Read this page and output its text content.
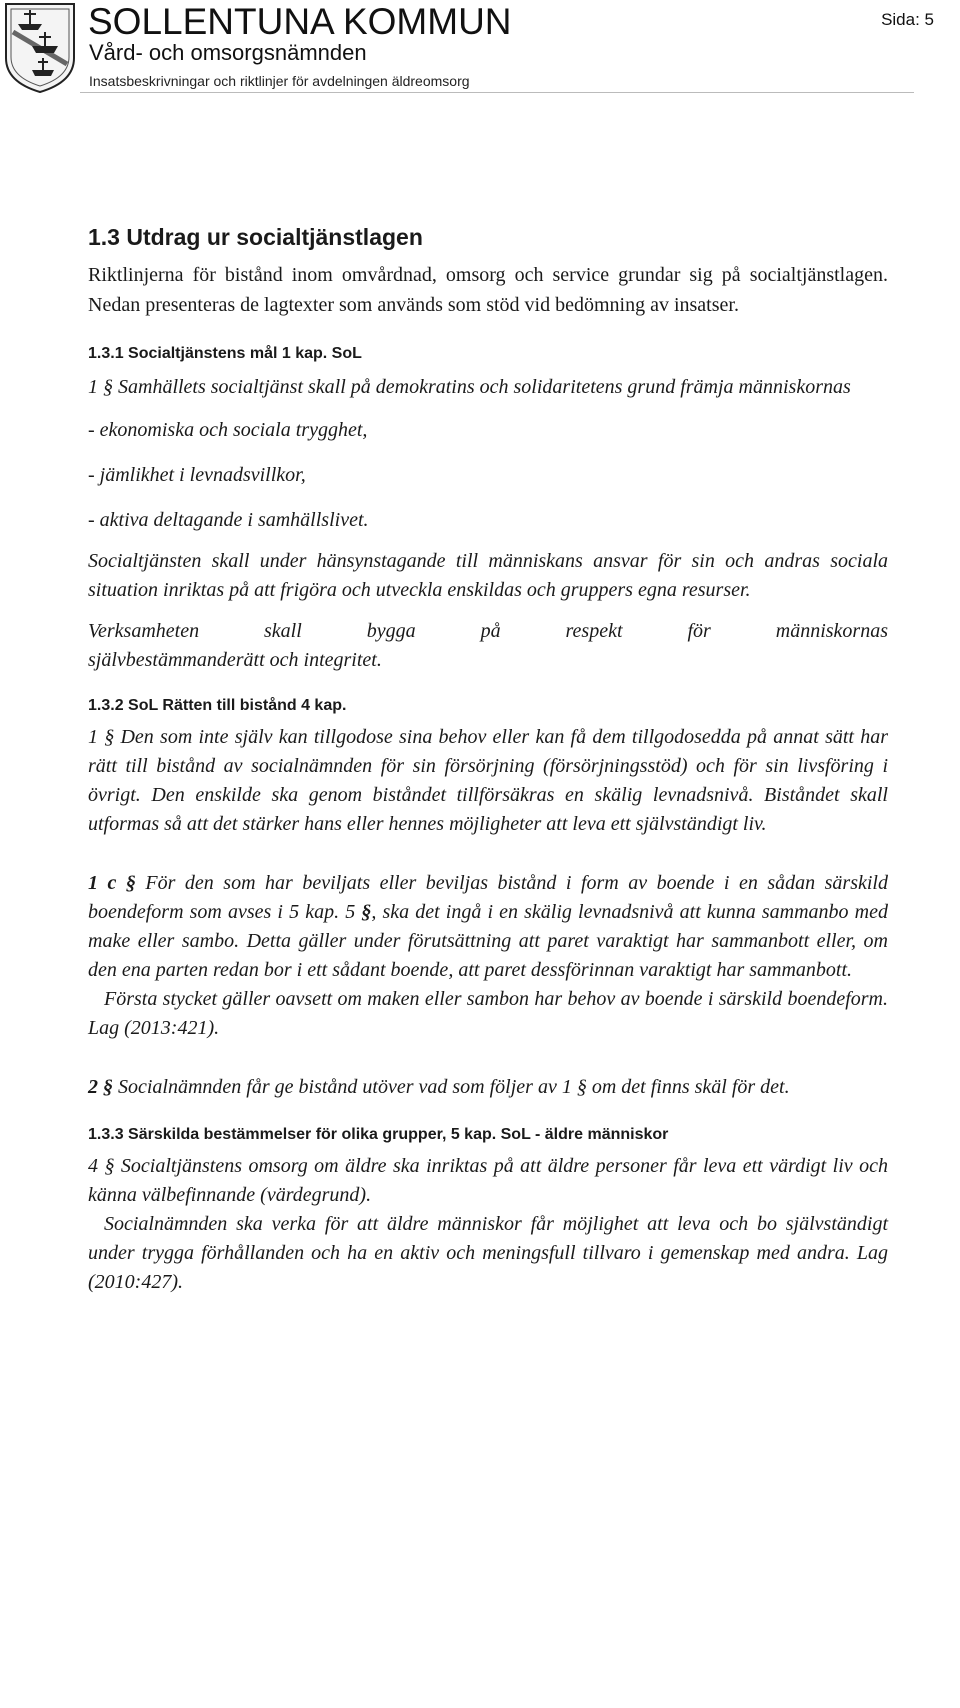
SOLLENTUNA KOMMUN
Vård- och omsorgsnämnden
Insatsbeskrivningar och riktlinjer för avdelningen äldreomsorg
Sida: 5
1.3 Utdrag ur socialtjänstlagen

Riktlinjerna för bistånd inom omvårdnad, omsorg och service grundar sig på socialtjänstlagen. Nedan presenteras de lagtexter som används som stöd vid bedömning av insatser.

1.3.1 Socialtjänstens mål 1 kap. SoL

1 § Samhällets socialtjänst skall på demokratins och solidaritetens grund främja människornas

- ekonomiska och sociala trygghet,

- jämlikhet i levnadsvillkor,

- aktiva deltagande i samhällslivet.

Socialtjänsten skall under hänsynstagande till människans ansvar för sin och andras sociala situation inriktas på att frigöra och utveckla enskildas och gruppers egna resurser.

Verksamheten skall bygga på respekt för människornas

självbestämmanderätt och integritet.

1.3.2 SoL Rätten till bistånd 4 kap.

1 § Den som inte själv kan tillgodose sina behov eller kan få dem tillgodosedda på annat sätt har rätt till bistånd av socialnämnden för sin försörjning (försörjningsstöd) och för sin livsföring i övrigt. Den enskilde ska genom biståndet tillförsäkras en skälig levnadsnivå. Biståndet skall utformas så att det stärker hans eller hennes möjligheter att leva ett självständigt liv.

1 c § För den som har beviljats eller beviljas bistånd i form av boende i en sådan särskild boendeform som avses i 5 kap. 5 §, ska det ingå i en skälig levnadsnivå att kunna sammanbo med make eller sambo. Detta gäller under förutsättning att paret varaktigt har sammanbott eller, om den ena parten redan bor i ett sådant boende, att paret dessförinnan varaktigt har sammanbott.

Första stycket gäller oavsett om maken eller sambon har behov av boende i särskild boendeform. Lag (2013:421).

2 § Socialnämnden får ge bistånd utöver vad som följer av 1 § om det finns skäl för det.

1.3.3 Särskilda bestämmelser för olika grupper, 5 kap. SoL - äldre människor

4 § Socialtjänstens omsorg om äldre ska inriktas på att äldre personer får leva ett värdigt liv och känna välbefinnande (värdegrund).

Socialnämnden ska verka för att äldre människor får möjlighet att leva och bo självständigt under trygga förhållanden och ha en aktiv och meningsfull tillvaro i gemenskap med andra. Lag (2010:427).
